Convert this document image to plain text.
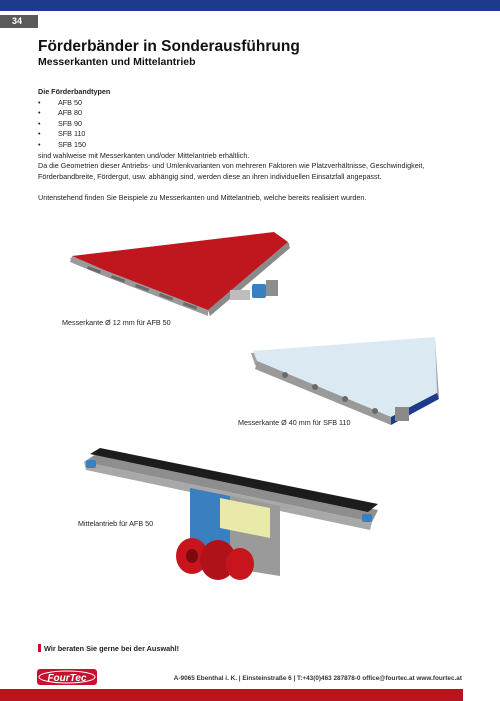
34
Förderbänder in Sonderausführung
Messerkanten und Mittelantrieb
Die Förderbandtypen
• AFB 50
• AFB 80
• SFB 90
• SFB 110
• SFB 150

sind wahlweise mit Messerkanten und/oder Mittelantrieb erhältlich.

Da die Geometrien dieser Antriebs- und Umlenkvarianten von mehreren Faktoren wie Platzverhältnisse, Geschwindigkeit, Förderbandbreite, Fördergut, usw. abhängig sind, werden diese an ihren individuellen Einsatzfall angepasst.

Untenstehend finden Sie Beispiele zu Messerkanten und Mittelantrieb, welche bereits realisiert wurden.

Messerkante Ø 12 mm für AFB 50
Messerkante Ø 40 mm für SFB 110
Mittelantrieb für AFB 50
Wir beraten Sie gerne bei der Auswahl!
FourTec	A-9065 Ebenthal i. K. | Einsteinstraße 6 | T:+43(0)463 287878-0 office@fourtec.at www.fourtec.at
